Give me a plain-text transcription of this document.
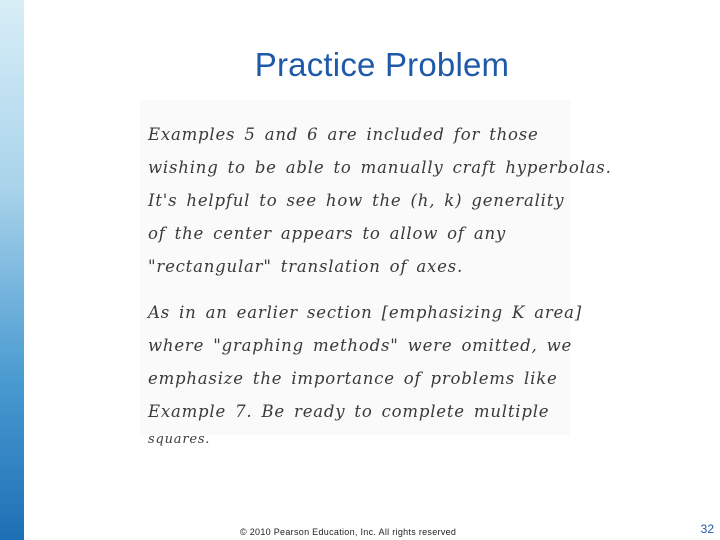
Practice Problem
Examples 5 and 6 are included for those
wishing to be able to manually craft hyperbolas.
It's helpful to see how the (h, k) generality
of the center appears to allow of any
"rectangular" translation of axes.
As in an earlier section [emphasizing K area]
where "graphing methods" were omitted, we
emphasize the importance of problems like
Example 7. Be ready to complete multiple
squares.
© 2010 Pearson Education, Inc. All rights reserved	32
